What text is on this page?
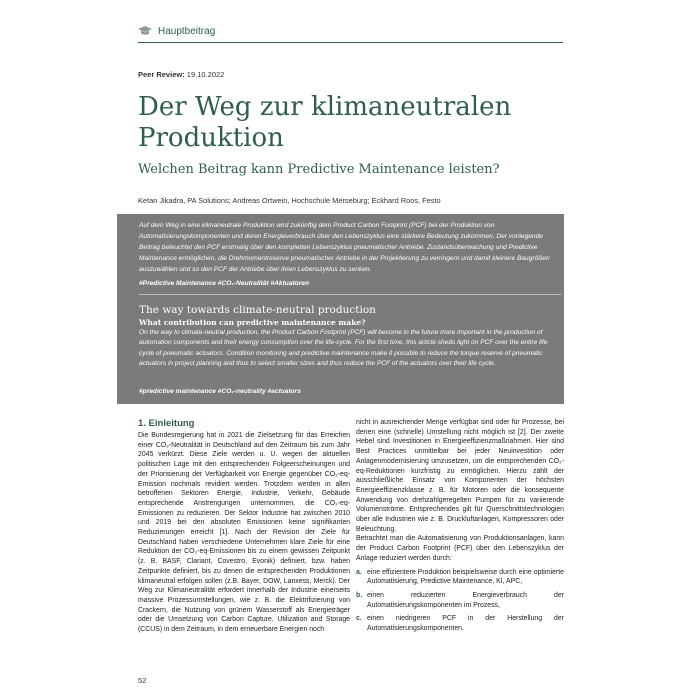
Hauptbeitrag
Peer Review: 19.10.2022
Der Weg zur klimaneutralen Produktion
Welchen Beitrag kann Predictive Maintenance leisten?
Ketan Jikadra, PA Solutions; Andreas Ortwein, Hochschule Merseburg; Eckhard Roos, Festo
Auf dem Weg in eine klimaneutrale Produktion wird zukünftig dem Product Carbon Footprint (PCF) bei der Produktion von Automatisierungskomponenten und deren Energieverbrauch über den Lebenszyklus eine stärkere Bedeutung zukommen. Der vorliegende Beitrag beleuchtet den PCF erstmalig über den kompletten Lebenszyklus pneumatischer Antriebe. Zustandsüberwachung und Predictive Maintenance ermöglichen, die Drehmomentreserve pneumatischer Antriebe in der Projektierung zu verringern und damit kleinere Baugrößen auszuwählen und so den PCF der Antriebe über ihren Lebenszyklus zu senken.
#Predictive Maintenance #CO₂-Neutralität #Aktuatoren
The way towards climate-neutral production
What contribution can predictive maintenance make?
On the way to climate-neutral production, the Product Carbon Footprint (PCF) will become in the future more important in the production of automation components and their energy consumption over the life-cycle. For the first time, this article sheds light on PCF over the entire life cycle of pneumatic actuators. Condition monitoring and predictive maintenance make it possible to reduce the torque reserve of pneumatic actuators in project planning and thus to select smaller sizes and thus reduce the PCF of the actuators over their life cycle.
#predictive maintenance #CO₂-neutrality #actuators
1. Einleitung

Die Bundesregierung hat in 2021 die Zielsetzung für das Erreichen einer CO₂-Neutralität in Deutschland auf den Zeitraum bis zum Jahr 2045 verkürzt. Diese Ziele werden u. U. wegen der aktuellen politischen Lage mit den entsprechenden Folgeerscheinungen und der Priorisierung der Verfügbarkeit von Energie gegenüber CO₂-eq-Emission nochmals revidiert werden. Trotzdem werden in allen betroffenen Sektoren Energie, Industrie, Verkehr, Gebäude entsprechende Anstrengungen unternommen, die CO₂-eq-Emissionen zu reduzieren. Der Sektor Industrie hat zwischen 2010 und 2019 bei den absoluten Emissionen keine signifikanten Reduzierungen erreicht [1]. Nach der Revision der Ziele für Deutschland haben verschiedene Unternehmen klare Ziele für eine Reduktion der CO₂-eq-Emissionen bis zu einem gewissen Zeitpunkt (z. B. BASF, Clariant, Covestro, Evonik) definiert, bzw. haben Zeitpunkte definiert, bis zu denen die entsprechenden Produktionen klimaneutral erfolgen sollen (z.B. Bayer, DOW, Lanxess, Merck). Der Weg zur Klimaneutralität erfordert innerhalb der Industrie einerseits massive Prozessumstellungen, wie z. B. die Elektrifizierung von Crackern, die Nutzung von grünem Wasserstoff als Energieträger oder die Umsetzung von Carbon Capture, Utilization and Storage (CCUS) in dem Zeitraum, in dem erneuerbare Energien noch

nicht in ausreichender Menge verfügbar sind oder für Prozesse, bei denen eine (schnelle) Umstellung nicht möglich ist [2]. Der zweite Hebel sind Investitionen in Energieeffizienzmaßnahmen. Hier sind Best Practices unmittelbar bei jeder Neuinvestition oder Anlagenmodernisierung umzusetzen, um die entsprechenden CO₂-eq-Reduktionen kurzfristig zu ermöglichen. Hierzu zählt der ausschließliche Einsatz von Komponenten der höchsten Energieeffizienzklasse z. B. für Motoren oder die konsequente Anwendung von drehzahlgeregelten Pumpen für zu variierende Volumenströme. Entsprechendes gilt für Querschnittstechnologien über alle Industrien wie z. B. Druckluftanlagen, Kompressoren oder Beleuchtung.

Betrachtet man die Automatisierung von Produktionsanlagen, kann der Product Carbon Footprint (PCF) über den Lebenszyklus der Anlage reduziert werden durch:

a. eine effizientere Produktion beispielsweise durch eine optimierte Automatisierung, Predictive Maintenance, KI, APC,
b. einen reduzierten Energieverbrauch der Automatisierungskomponenten im Prozess,
c. einen niedrigeren PCF in der Herstellung der Automatisierungskomponenten.
52
